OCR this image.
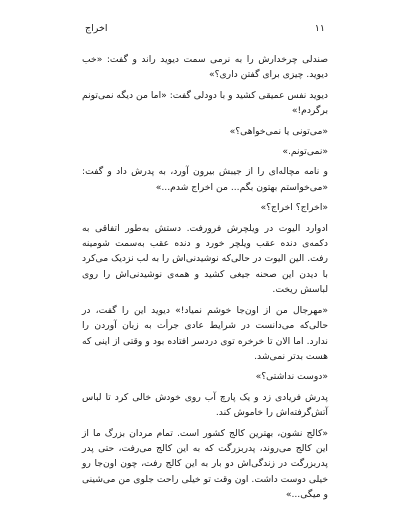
اخراج	۱۱

صندلی چرخدارش را به نرمی سمت دیوید راند و گفت: «خب دیوید. چیزی برای گفتن داری؟»

دیوید نفس عمیقی کشید و با دودلی گفت: «اما من دیگه نمی‌تونم برگردم!»

«می‌تونی یا نمی‌خواهی؟»

«نمی‌تونم.»

و نامه مچاله‌ای را از جیبش بیرون آورد، به پدرش داد و گفت: «می‌خواستم بهتون بگم... من اخراج شدم...»

«اخراج؟ اخراج؟»

ادوارد الیوت در ویلچرش فرورفت. دستش به‌طور اتفاقی به دکمه‌ی دنده عقب ویلچر خورد و دنده عقب به‌سمت شومینه رفت. الین الیوت در حالی‌که نوشیدنی‌اش را به لب نزدیک می‌کرد با دیدن این صحنه جیغی کشید و همه‌ی نوشیدنی‌اش را روی لباسش ریخت.

«مهرجال من از اون‌جا خوشم نمیاد!» دیوید این را گفت، در حالی‌که می‌دانست در شرایط عادی جرأت به زبان آوردن را ندارد. اما الان تا خرخره توی دردسر افتاده بود و وقتی از اینی که هست بدتر نمی‌شد.

«دوست نداشتی؟»

پدرش فریادی زد و یک پارچ آب روی خودش خالی کرد تا لباس آتش‌گرفته‌اش را خاموش کند.

«کالج نشون، بهترین کالج کشور است. تمام مردان بزرگ ما از این کالج می‌روند، پدربزرگت که به این کالج می‌رفت، حتی پدر پدربزرگت در زندگی‌اش دو بار به این کالج رفت، چون اون‌جا رو خیلی دوست داشت. اون وقت تو خیلی راحت جلوی من می‌شینی و میگی...»
